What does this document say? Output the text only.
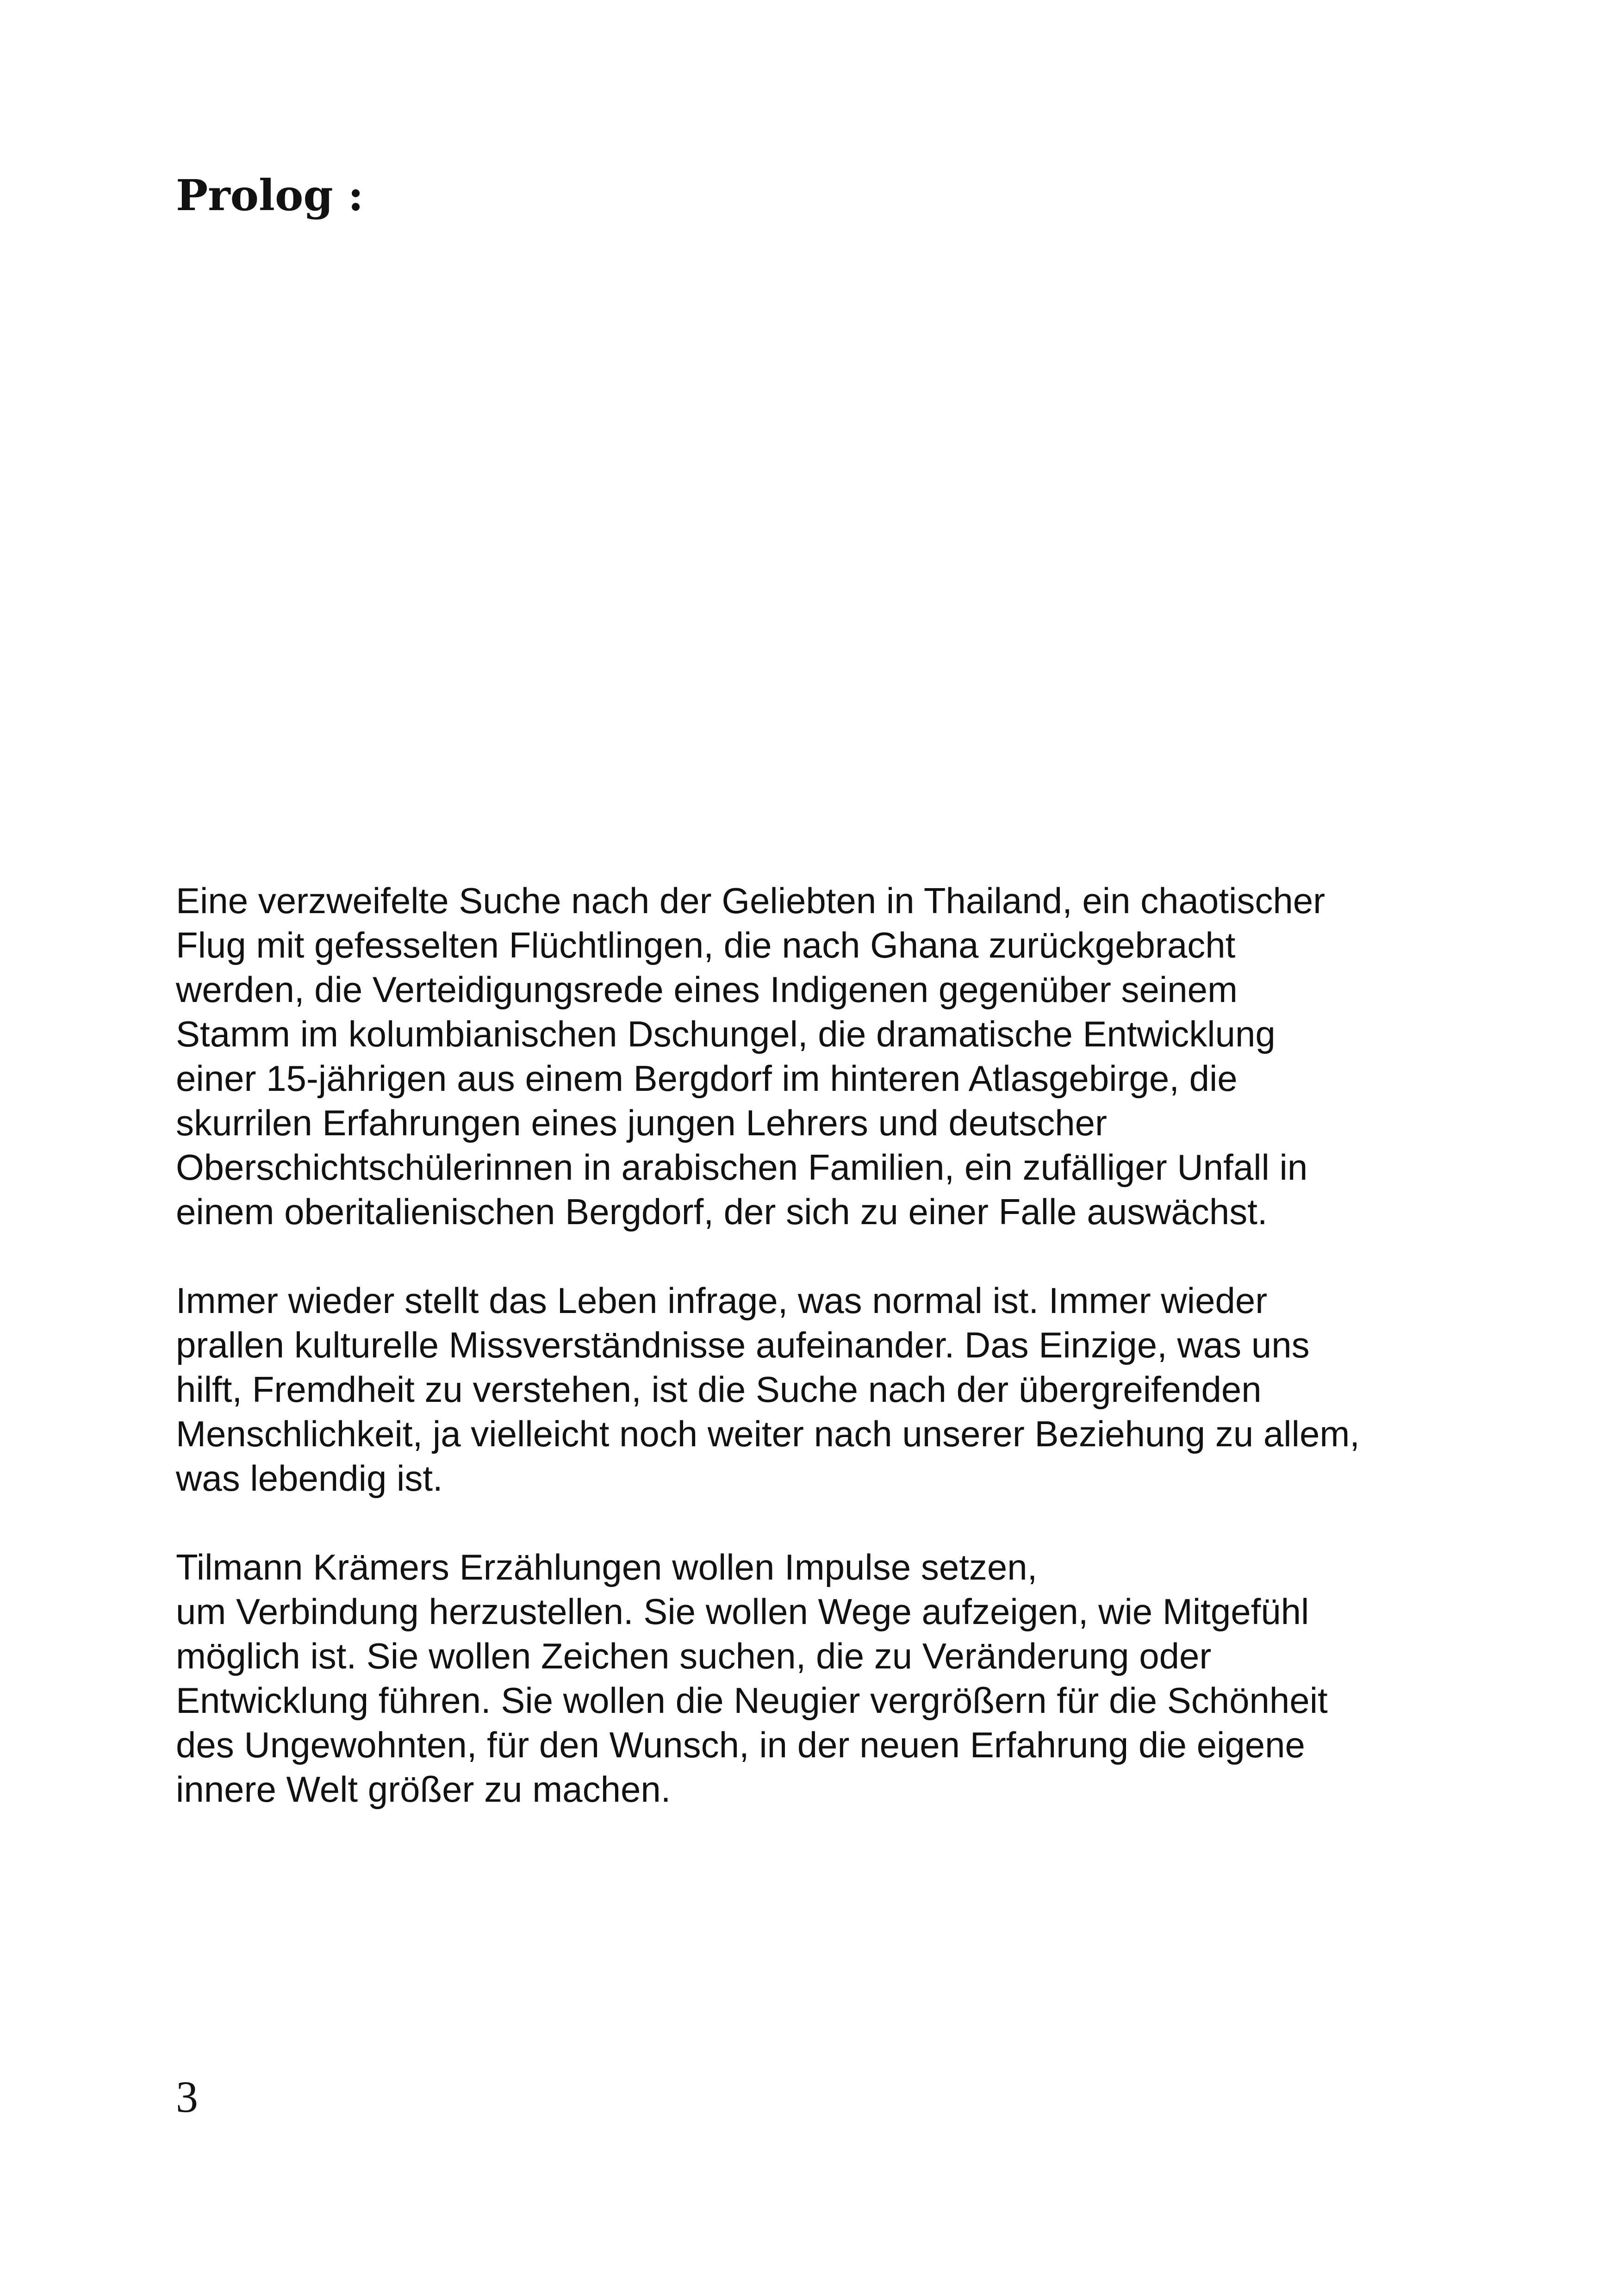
Prolog :

Eine verzweifelte Suche nach der Geliebten in Thailand, ein chaotischer
Flug mit gefesselten Flüchtlingen, die nach Ghana zurückgebracht
werden, die Verteidigungsrede eines Indigenen gegenüber seinem
Stamm im kolumbianischen Dschungel, die dramatische Entwicklung
einer 15-jährigen aus einem Bergdorf im hinteren Atlasgebirge, die
skurrilen Erfahrungen eines jungen Lehrers und deutscher
Oberschichtschülerinnen in arabischen Familien, ein zufälliger Unfall in
einem oberitalienischen Bergdorf, der sich zu einer Falle auswächst.

Immer wieder stellt das Leben infrage, was normal ist. Immer wieder
prallen kulturelle Missverständnisse aufeinander. Das Einzige, was uns
hilft, Fremdheit zu verstehen, ist die Suche nach der übergreifenden
Menschlichkeit, ja vielleicht noch weiter nach unserer Beziehung zu allem,
was lebendig ist.

Tilmann Krämers Erzählungen wollen Impulse setzen,
um Verbindung herzustellen. Sie wollen Wege aufzeigen, wie Mitgefühl
möglich ist. Sie wollen Zeichen suchen, die zu Veränderung oder
Entwicklung führen. Sie wollen die Neugier vergrößern für die Schönheit
des Ungewohnten, für den Wunsch, in der neuen Erfahrung die eigene
innere Welt größer zu machen.

3
